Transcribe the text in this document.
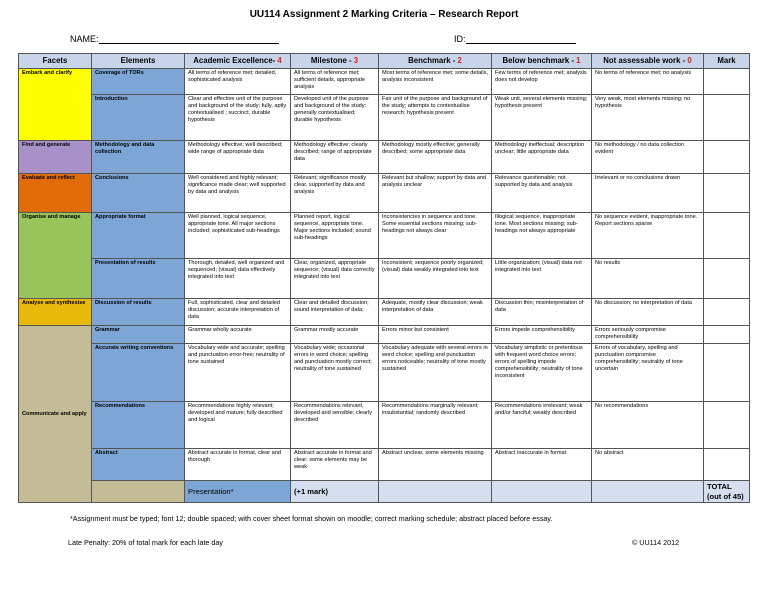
UU114 Assignment 2 Marking Criteria – Research Report
NAME:	ID:
Facets	Elements	Academic Excellence- 4	Milestone - 3	Benchmark - 2	Below benchmark - 1	Not assessable work - 0	Mark	
Embark and clarify	Coverage of TORs	All terms of reference met; detailed, sophisticated analysis	All terms of reference met; sufficient details, appropriate analysis	Most terms of reference met; some details, analysis inconsistent	Few terms of reference met; analysis does not develop	No terms of reference met; no analysis		
	Introduction	Clear and effective unit of the purpose and background of the study; fully, aptly contextualised ; succinct, durable hypothesis	Developed unit of the purpose and background of the study; generally contextualised; durable hypothesis	Fair unit of the purpose and background of the study; attempts to contextualise research; hypothesis present	Weak unit, several elements missing; hypothesis present	Very weak, most elements missing; no hypothesis		
Find and generate	Methodology and data collection	Methodology effective; well described; wide range of appropriate data	Methodology effective; clearly described; range of appropriate data	Methodology mostly effective; generally described; some appropriate data	Methodology ineffectual; description unclear; little appropriate data	No methodology / no data collection evident		
Evaluate and reflect	Conclusions	Well considered and highly relevant; significance made clear; well supported by data and analysis	Relevant; significance mostly clear, supported by data and analysis	Relevant but shallow; support by data and analysis unclear	Relevance questionable; not supported by data and analysis	Irrelevant or no conclusions drawn		
Organise and manage	Appropriate format	Well planned, logical sequence, appropriate tone. All major sections included; sophisticated sub-headings	Planned report, logical sequence, appropriate tone. Major sections included; sound sub-headings	Inconsistencies in sequence and tone. Some essential sections missing; sub-headings not always clear	Illogical sequence, inappropriate tone. Most sections missing; sub-headings not always appropriate	No sequence evident, inappropriate tone. Report sections sparse		
	Presentation of results	Thorough, detailed, well organized and sequenced; (visual) data effectively integrated into text	Clear, organized, appropriate sequence; (visual) data correctly integrated into text	Inconsistent; sequence poorly organized; (visual) data weakly integrated into text	Little organization; (visual) data not integrated into text	No results		
Analyse and synthesise	Discussion of results	Full, sophisticated, clear and detailed discussion; accurate interpretation of data	Clear and detailed discussion; sound interpretation of data;	Adequate, mostly clear discussion; weak interpretation of data	Discussion thin; misinterpretation of data	No discussion; no interpretation of data		
Communicate and apply	Grammar	Grammar wholly accurate	Grammar mostly accurate	Errors minor but consistent	Errors impede comprehensibility	Errors seriously compromise comprehensibility		
	Accurate writing conventions	Vocabulary wide and accurate; spelling and punctuation error-free; neutrality of tone sustained	Vocabulary wide; occasional errors in word choice; spelling and punctuation mostly correct; neutrality of tone sustained	Vocabulary adequate with several errors in word choice; spelling and punctuation errors noticeable; neutrality of tone mostly sustained	Vocabulary simplistic or pretentious with frequent word choice errors; errors of spelling impede comprehensibility; neutrality of tone inconsistent	Errors of vocabulary, spelling and punctuation compromise comprehensibility; neutrality of tone uncertain		
	Recommendations	Recommendations highly relevant; developed and mature; fully described and logical	Recommendations relevant, developed and sensible; clearly described	Recommendations marginally relevant; insubstantial; randomly described	Recommendations irrelevant; weak and/or fanciful; weakly described	No recommendations		
	Abstract	Abstract accurate in format, clear and thorough	Abstract accurate in format and clear; some elements may be weak	Abstract unclear, some elements missing	Abstract inaccurate in format	No abstract		
		Presentation*	(+1 mark)				TOTAL (out of 45)	
*Assignment must be typed; font 12; double spaced; with cover sheet format shown on moodle; correct marking schedule; abstract placed before essay.
Late Penalty: 20% of total mark for each late day	© UU114 2012
